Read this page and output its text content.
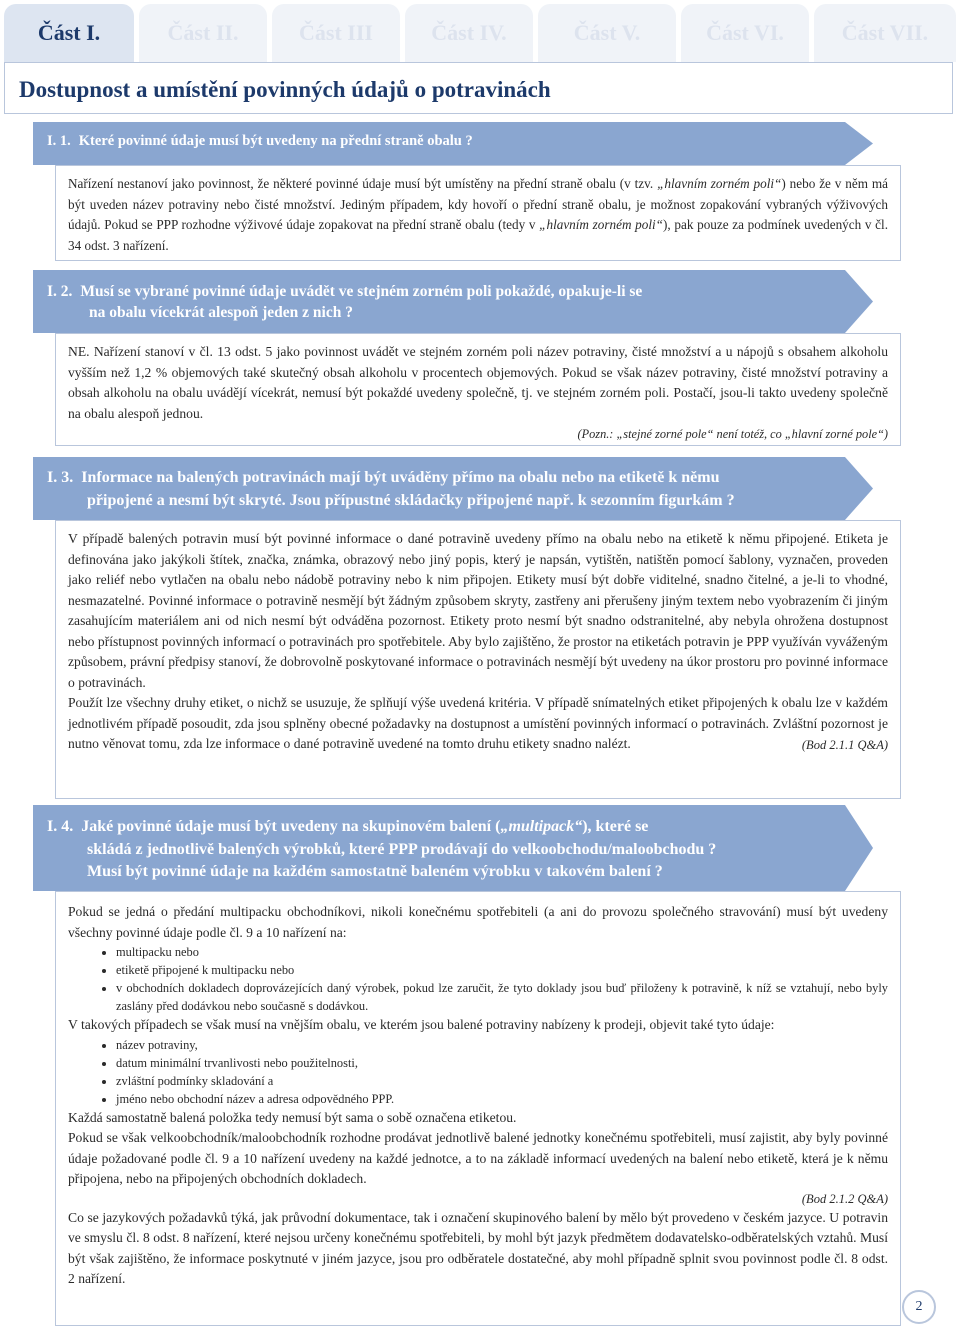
Část I.	Část II.	Část III	Část IV.	Část V.	Část VI.	Část VII.
Dostupnost a umístění povinných údajů o potravinách
I. 1. Které povinné údaje musí být uvedeny na přední straně obalu ?

Nařízení nestanoví jako povinnost, že některé povinné údaje musí být umístěny na přední straně obalu (v tzv. „hlavním zorném poli“) nebo že v něm má být uveden název potraviny nebo čisté množství. Jediným případem, kdy hovoří o přední straně obalu, je možnost zopakování vybraných výživových údajů. Pokud se PPP rozhodne výživové údaje zopakovat na přední straně obalu (tedy v „hlavním zorném poli“), pak pouze za podmínek uvedených v čl. 34 odst. 3 nařízení.

I. 2. Musí se vybrané povinné údaje uvádět ve stejném zorném poli pokaždé, opakuje-li se
na obalu vícekrát alespoň jeden z nich ?

NE. Nařízení stanoví v čl. 13 odst. 5 jako povinnost uvádět ve stejném zorném poli název potraviny, čisté množství a u nápojů s obsahem alkoholu vyšším než 1,2 % objemových také skutečný obsah alkoholu v procentech objemových. Pokud se však název potraviny, čisté množství potraviny a obsah alkoholu na obalu uvádějí vícekrát, nemusí být pokaždé uvedeny společně, tj. ve stejném zorném poli. Postačí, jsou-li takto uvedeny společně na obalu alespoň jednou.

(Pozn.: „stejné zorné pole“ není totéž, co „hlavní zorné pole“)
I. 3. Informace na balených potravinách mají být uváděny přímo na obalu nebo na etiketě k němu
připojené a nesmí být skryté. Jsou přípustné skládačky připojené např. k sezonním figurkám ?

V případě balených potravin musí být povinné informace o dané potravině uvedeny přímo na obalu nebo na etiketě k němu připojené. Etiketa je definována jako jakýkoli štítek, značka, známka, obrazový nebo jiný popis, který je napsán, vytištěn, natištěn pomocí šablony, vyznačen, proveden jako reliéf nebo vytlačen na obalu nebo nádobě potraviny nebo k nim připojen. Etikety musí být dobře viditelné, snadno čitelné, a je-li to vhodné, nesmazatelné. Povinné informace o potravině nesmějí být žádným způsobem skryty, zastřeny ani přerušeny jiným textem nebo vyobrazením či jiným zasahujícím materiálem ani od nich nesmí být odváděna pozornost. Etikety proto nesmí být snadno odstranitelné, aby nebyla ohrožena dostupnost nebo přístupnost povinných informací o potravinách pro spotřebitele. Aby bylo zajištěno, že prostor na etiketách potravin je PPP využíván vyváženým způsobem, právní předpisy stanoví, že dobrovolně poskytované informace o potravinách nesmějí být uvedeny na úkor prostoru pro povinné informace o potravinách.

Použít lze všechny druhy etiket, o nichž se usuzuje, že splňují výše uvedená kritéria. V případě snímatelných etiket připojených k obalu lze v každém jednotlivém případě posoudit, zda jsou splněny obecné požadavky na dostupnost a umístění povinných informací o potravinách. Zvláštní pozornost je nutno věnovat tomu, zda lze informace o dané potravině uvedené na tomto druhu etikety snadno nalézt.	(Bod 2.1.1 Q&A)
I. 4. Jaké povinné údaje musí být uvedeny na skupinovém balení („multipack“), které se
skládá z jednotlivě balených výrobků, které PPP prodávají do velkoobchodu/maloobchodu ?
Musí být povinné údaje na každém samostatně baleném výrobku v takovém balení ?

Pokud se jedná o předání multipacku obchodníkovi, nikoli konečnému spotřebiteli (a ani do provozu společného stravování) musí být uvedeny všechny povinné údaje podle čl. 9 a 10 nařízení na:

• multipacku nebo
• etiketě připojené k multipacku nebo
• v obchodních dokladech doprovázejících daný výrobek, pokud lze zaručit, že tyto doklady jsou buď přiloženy k potravině, k níž se vztahují, nebo byly zaslány před dodávkou nebo současně s dodávkou.

V takových případech se však musí na vnějším obalu, ve kterém jsou balené potraviny nabízeny k prodeji, objevit také tyto údaje:

• název potraviny,
• datum minimální trvanlivosti nebo použitelnosti,
• zvláštní podmínky skladování a
• jméno nebo obchodní název a adresa odpovědného PPP.

Každá samostatně balená položka tedy nemusí být sama o sobě označena etiketou.

Pokud se však velkoobchodník/maloobchodník rozhodne prodávat jednotlivě balené jednotky konečnému spotřebiteli, musí zajistit, aby byly povinné údaje požadované podle čl. 9 a 10 nařízení uvedeny na každé jednotce, a to na základě informací uvedených na balení nebo etiketě, která je k němu připojena, nebo na připojených obchodních dokladech.

(Bod 2.1.2 Q&A)

Co se jazykových požadavků týká, jak průvodní dokumentace, tak i označení skupinového balení by mělo být provedeno v českém jazyce. U potravin ve smyslu čl. 8 odst. 8 nařízení, které nejsou určeny konečnému spotřebiteli, by mohl být jazyk předmětem dodavatelsko-odběratelských vztahů. Musí být však zajištěno, že informace poskytnuté v jiném jazyce, jsou pro odběratele dostatečné, aby mohl případně splnit svou povinnost podle čl. 8 odst. 2 nařízení.

2
